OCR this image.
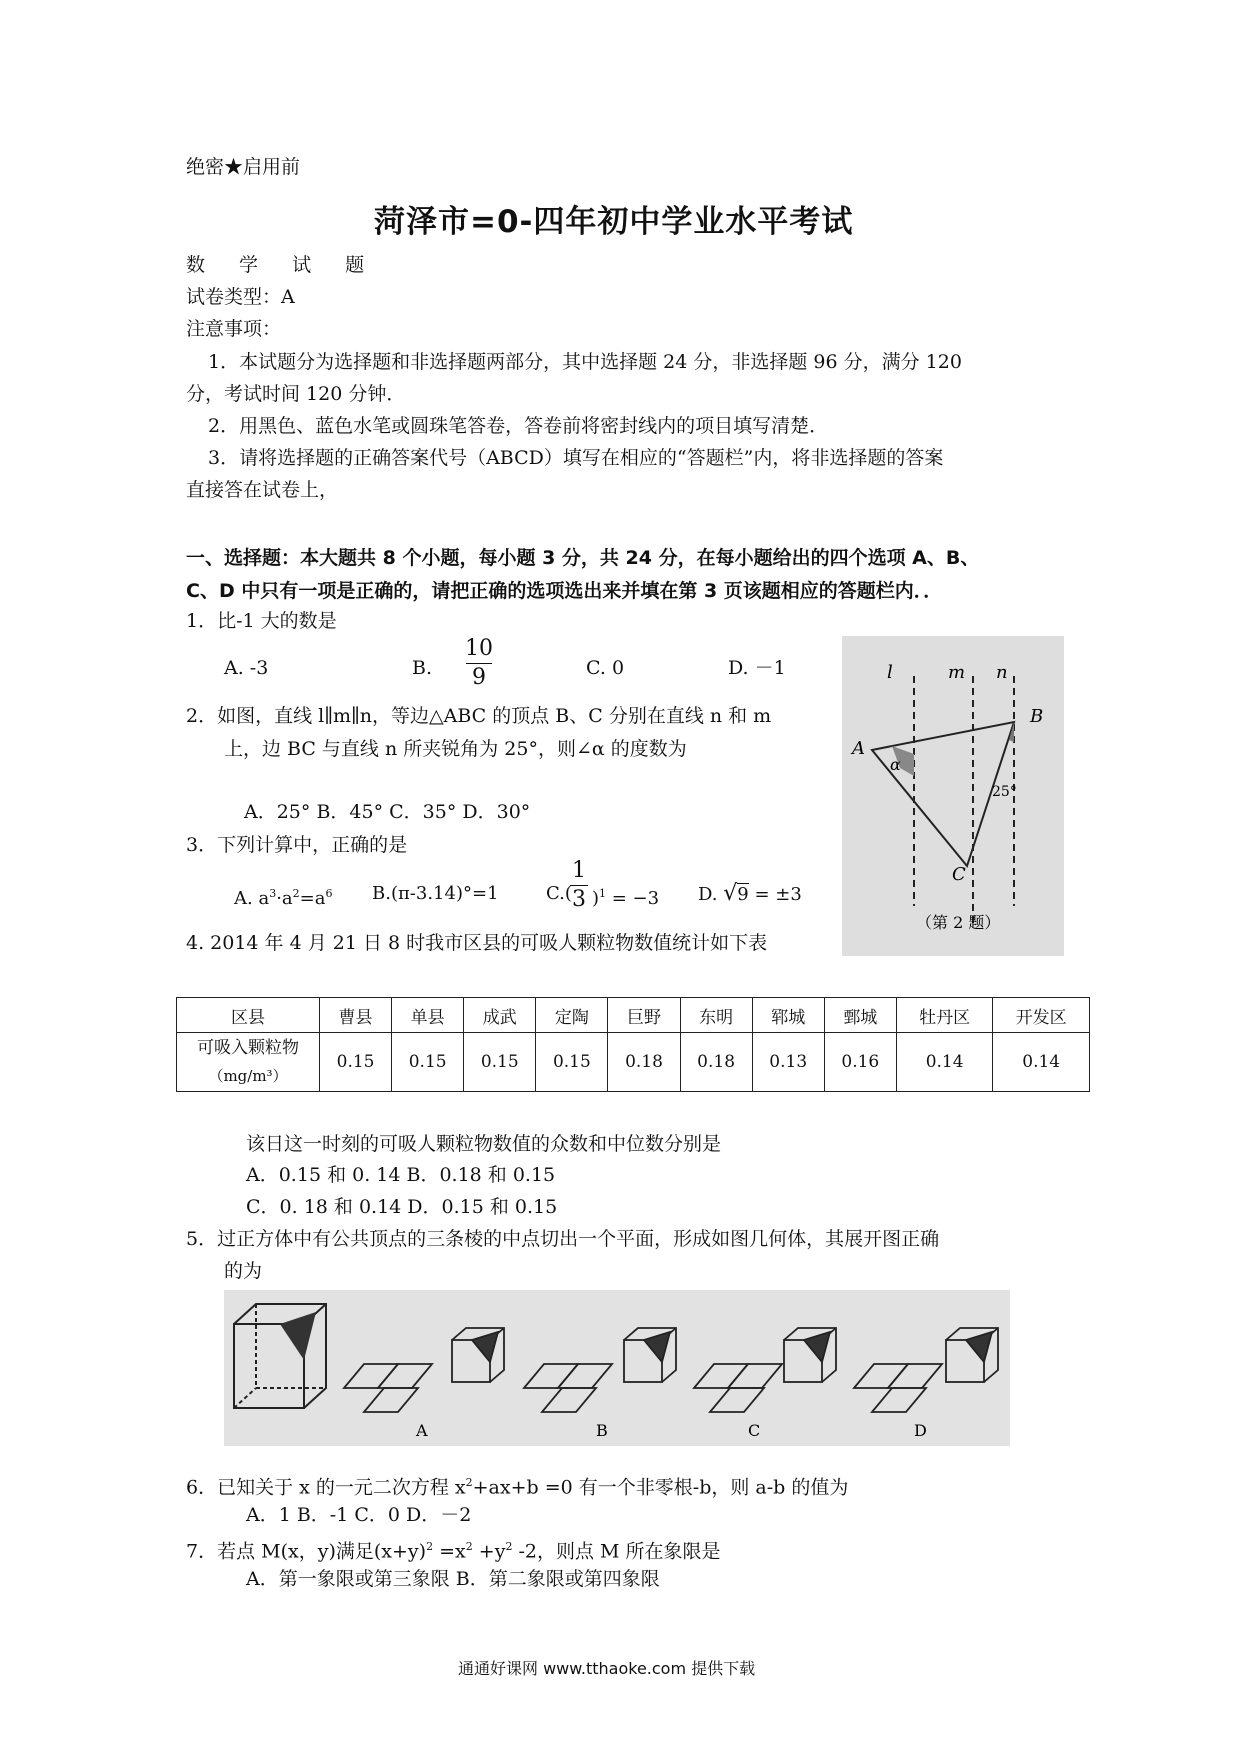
绝密★启用前
菏泽市=0-四年初中学业水平考试
数 学 试 题
试卷类型：A
注意事项：
1．本试题分为选择题和非选择题两部分，其中选择题 24 分，非选择题 96 分，满分 120
分，考试时间 120 分钟．
2．用黑色、蓝色水笔或圆珠笔答卷，答卷前将密封线内的项目填写清楚．
3．请将选择题的正确答案代号（ABCD）填写在相应的“答题栏”内，将非选择题的答案
直接答在试卷上，
一、选择题：本大题共 8 个小题，每小题 3 分，共 24 分，在每小题给出的四个选项 A、B、
C、D 中只有一项是正确的，请把正确的选项选出来并填在第 3 页该题相应的答题栏内．．
1．比-1 大的数是
A. -3	B.
10
9	C. 0	D. －1
2．如图，直线 l∥m∥n，等边△ABC 的顶点 B、C 分别在直线 n 和 m
上，边 BC 与直线 n 所夹锐角为 25°，则∠α 的度数为
A．25° B．45° C．35° D．30°
l	m n
B
A
α
25°
C
（第 2 题）
3．下列计算中，正确的是
A. $a^3\cdot a^2=a^6$ B.(π-3.14)°=1	C.(
1
3 )$^1$ = −3 D. √9 = ±3
4. 2014 年 4 月 21 日 8 时我市区县的可吸人颗粒物数值统计如下表
区县	曹县	单县	成武	定陶	巨野	东明	郓城	鄄城	牡丹区	开发区

可吸入颗粒物
（mg/m³）	0.15	0.15	0.15	0.15	0.18	0.18	0.13	0.16	0.14	0.14
该日这一时刻的可吸人颗粒物数值的众数和中位数分别是
A．0.15 和 0. 14 B．0.18 和 0.15
C．0. 18 和 0.14 D．0.15 和 0.15
5．过正方体中有公共顶点的三条棱的中点切出一个平面，形成如图几何体，其展开图正确
的为
A	B	C	D
6．已知关于 x 的一元二次方程 $x^2+ax+b =0$ 有一个非零根-b，则 a-b 的值为
A．1 B．-1 C．0 D．－2
7．若点 M(x，y)满足$(x+y)^2 =x^2 +y^2$ -2，则点 M 所在象限是
A．第一象限或第三象限 B．第二象限或第四象限
通通好课网 www.tthaoke.com 提供下载
